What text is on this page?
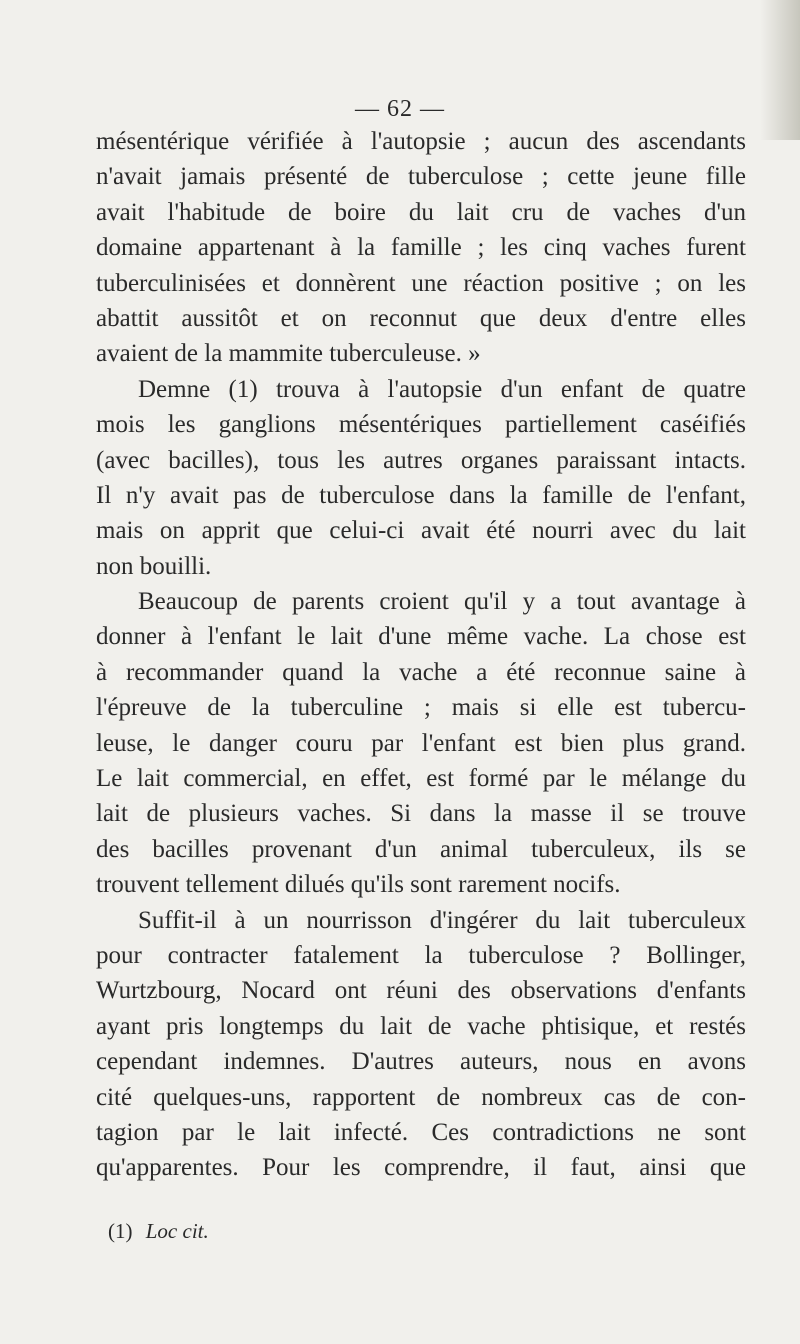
— 62 —
mésentérique vérifiée à l'autopsie ; aucun des ascendants
n'avait jamais présenté de tuberculose ; cette jeune fille
avait l'habitude de boire du lait cru de vaches d'un
domaine appartenant à la famille ; les cinq vaches furent
tuberculinisées et donnèrent une réaction positive ; on les
abattit aussitôt et on reconnut que deux d'entre elles
avaient de la mammite tuberculeuse. »
Demne (1) trouva à l'autopsie d'un enfant de quatre
mois les ganglions mésentériques partiellement caséifiés
(avec bacilles), tous les autres organes paraissant intacts.
Il n'y avait pas de tuberculose dans la famille de l'enfant,
mais on apprit que celui-ci avait été nourri avec du lait
non bouilli.
Beaucoup de parents croient qu'il y a tout avantage à
donner à l'enfant le lait d'une même vache. La chose est
à recommander quand la vache a été reconnue saine à
l'épreuve de la tuberculine ; mais si elle est tubercu-
leuse, le danger couru par l'enfant est bien plus grand.
Le lait commercial, en effet, est formé par le mélange du
lait de plusieurs vaches. Si dans la masse il se trouve
des bacilles provenant d'un animal tuberculeux, ils se
trouvent tellement dilués qu'ils sont rarement nocifs.
Suffit-il à un nourrisson d'ingérer du lait tuberculeux
pour contracter fatalement la tuberculose ? Bollinger,
Wurtzbourg, Nocard ont réuni des observations d'enfants
ayant pris longtemps du lait de vache phtisique, et restés
cependant indemnes. D'autres auteurs, nous en avons
cité quelques-uns, rapportent de nombreux cas de con-
tagion par le lait infecté. Ces contradictions ne sont
qu'apparentes. Pour les comprendre, il faut, ainsi que
(1) Loc cit.
